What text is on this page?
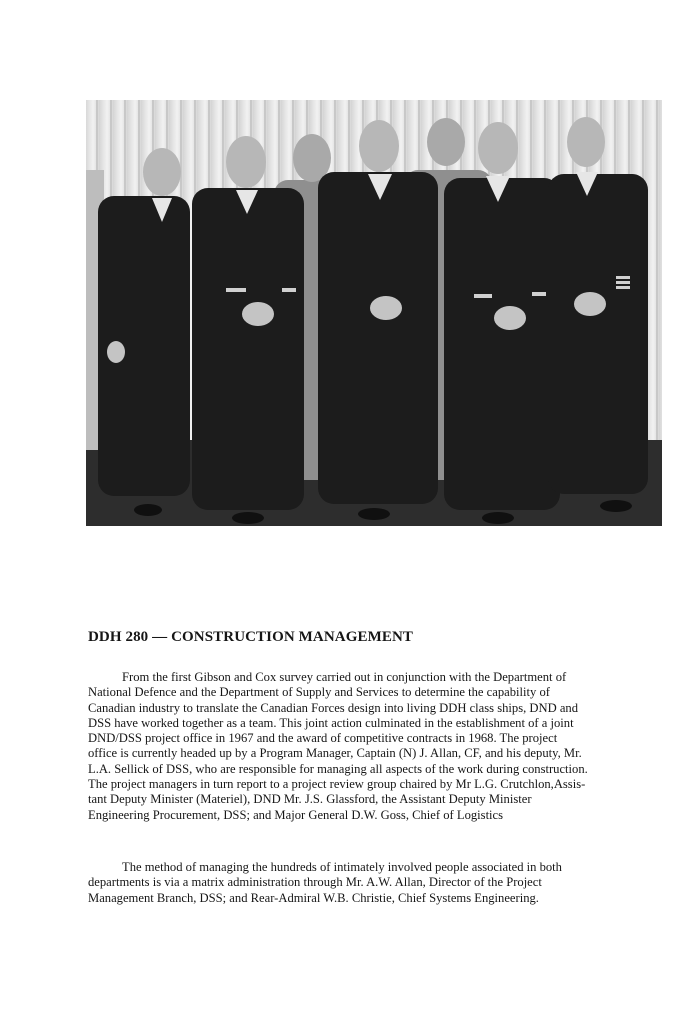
DDH 280 — CONSTRUCTION MANAGEMENT

From the first Gibson and Cox survey carried out in conjunction with the Department of
National Defence and the Department of Supply and Services to determine the capability of
Canadian industry to translate the Canadian Forces design into living DDH class ships, DND and
DSS have worked together as a team. This joint action culminated in the establishment of a joint
DND/DSS project office in 1967 and the award of competitive contracts in 1968. The project
office is currently headed up by a Program Manager, Captain (N) J. Allan, CF, and his deputy, Mr.
L.A. Sellick of DSS, who are responsible for managing all aspects of the work during construction.
The project managers in turn report to a project review group chaired by Mr L.G. Crutchlon,Assis-
tant Deputy Minister (Materiel), DND Mr. J.S. Glassford, the Assistant Deputy Minister
Engineering Procurement, DSS; and Major General D.W. Goss, Chief of Logistics

The method of managing the hundreds of intimately involved people associated in both
departments is via a matrix administration through Mr. A.W. Allan, Director of the Project
Management Branch, DSS; and Rear-Admiral W.B. Christie, Chief Systems Engineering.
